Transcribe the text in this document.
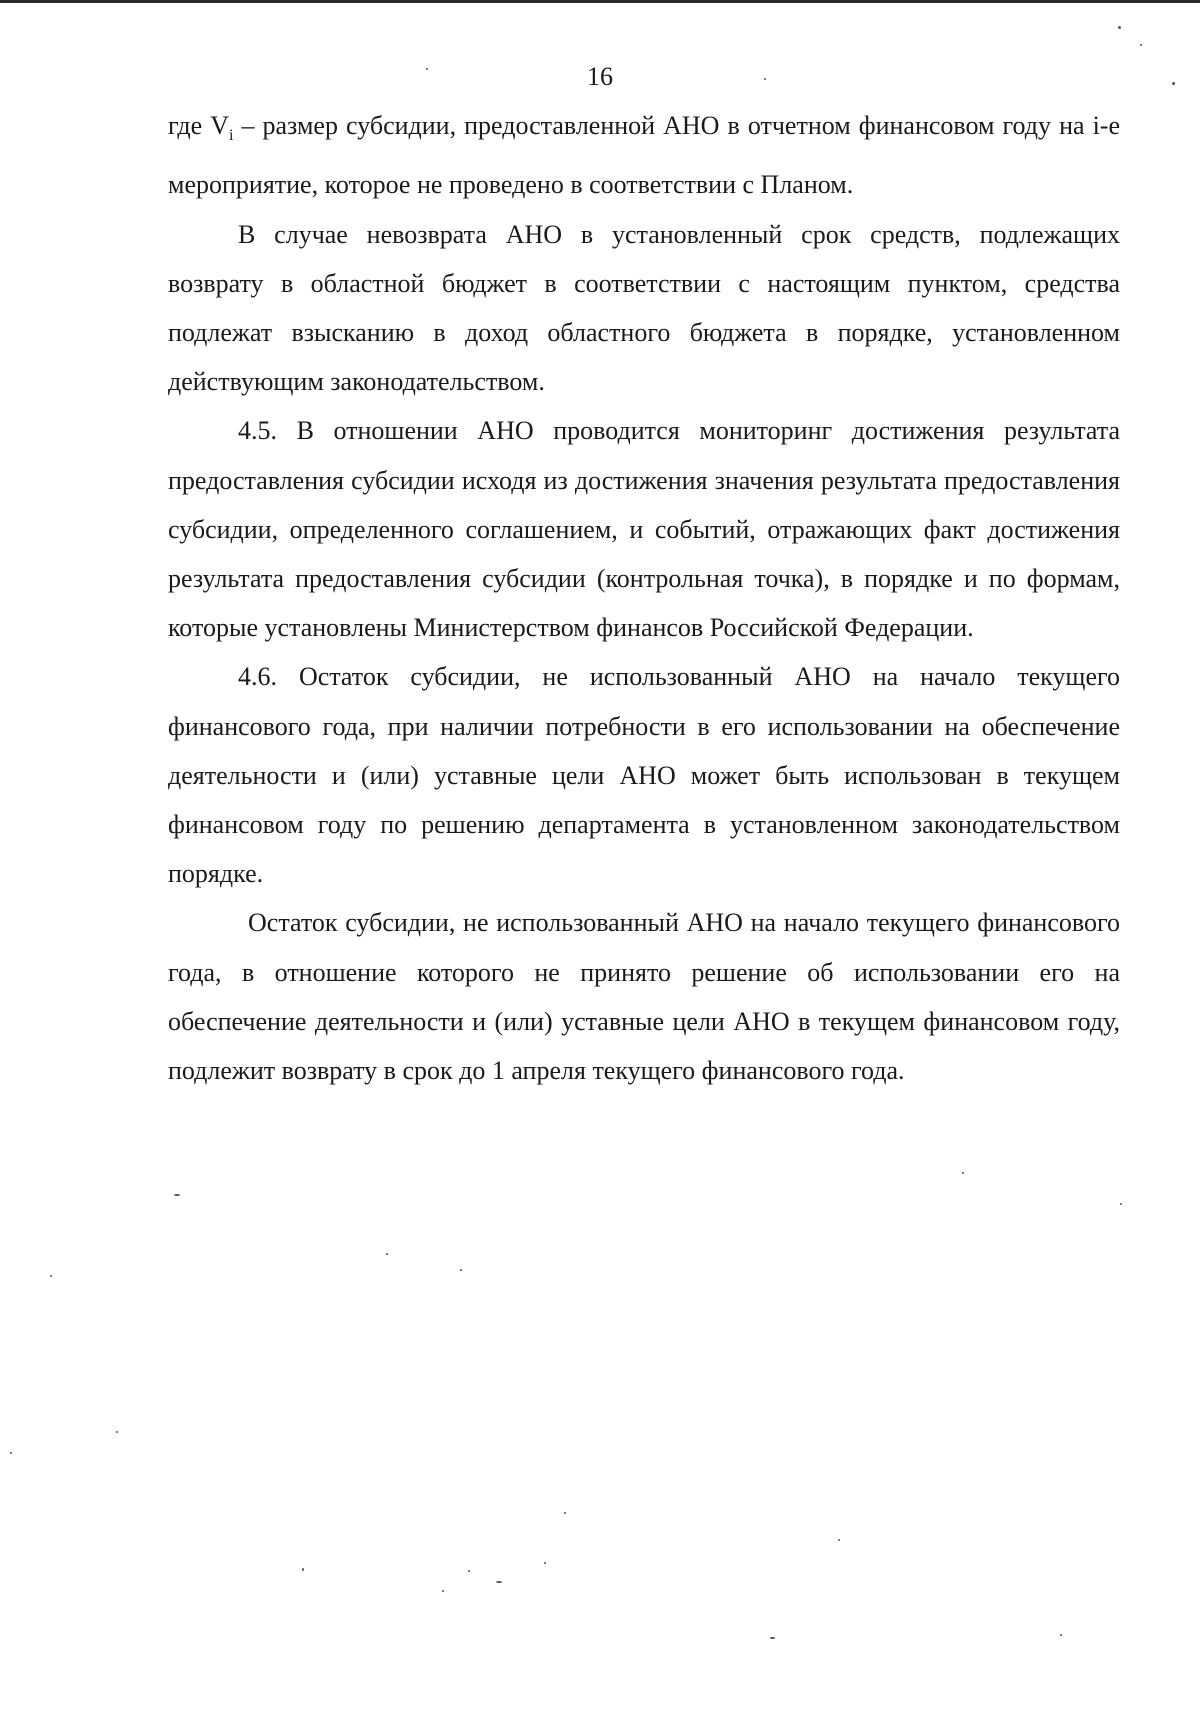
16

где $V_i$ – размер субсидии, предоставленной АНО в отчетном финансовом году на i-е мероприятие, которое не проведено в соответствии с Планом.

В случае невозврата АНО в установленный срок средств, подлежащих возврату в областной бюджет в соответствии с настоящим пунктом, средства подлежат взысканию в доход областного бюджета в порядке, установленном действующим законодательством.

4.5. В отношении АНО проводится мониторинг достижения результата предоставления субсидии исходя из достижения значения результата предоставления субсидии, определенного соглашением, и событий, отражающих факт достижения результата предоставления субсидии (контрольная точка), в порядке и по формам, которые установлены Министерством финансов Российской Федерации.

4.6. Остаток субсидии, не использованный АНО на начало текущего финансового года, при наличии потребности в его использовании на обеспечение деятельности и (или) уставные цели АНО может быть использован в текущем финансовом году по решению департамента в установленном законодательством порядке.

Остаток субсидии, не использованный АНО на начало текущего финансового года, в отношение которого не принято решение об использовании его на обеспечение деятельности и (или) уставные цели АНО в текущем финансовом году, подлежит возврату в срок до 1 апреля текущего финансового года.
